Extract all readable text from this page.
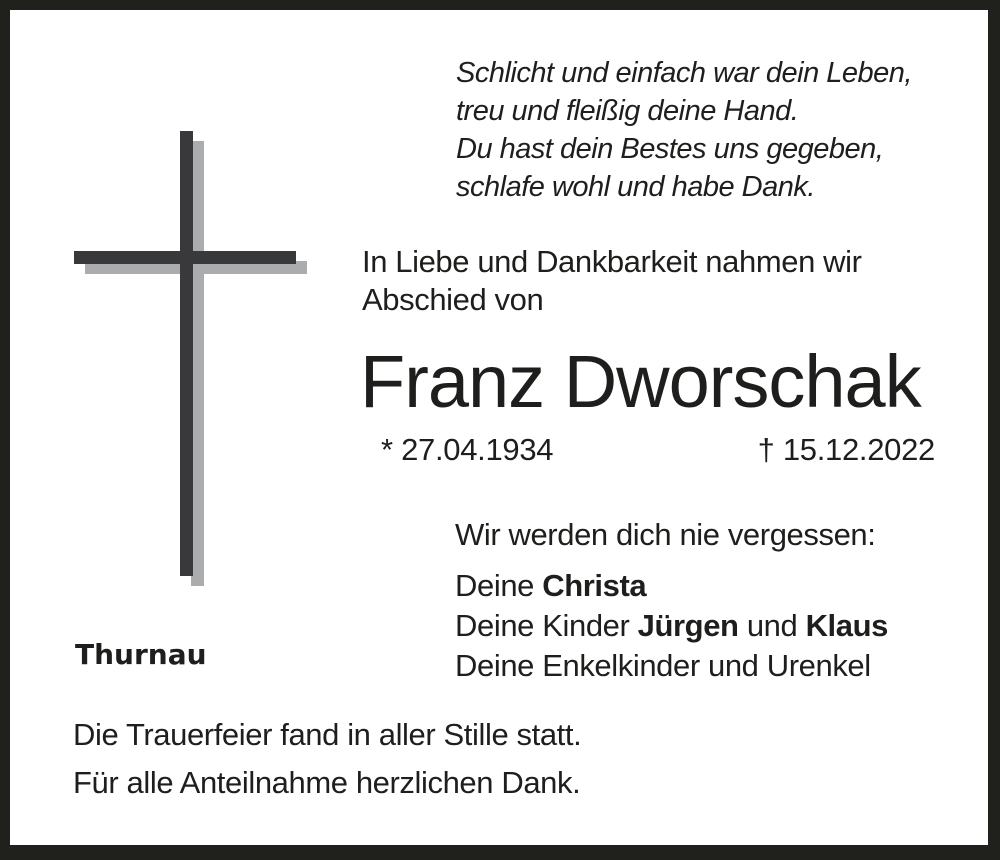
Schlicht und einfach war dein Leben,
treu und fleißig deine Hand.
Du hast dein Bestes uns gegeben,
schlafe wohl und habe Dank.
In Liebe und Dankbarkeit nahmen wir
Abschied von
Franz Dworschak
* 27.04.1934	† 15.12.2022
Wir werden dich nie vergessen:
Deine Christa
Deine Kinder Jürgen und Klaus
Deine Enkelkinder und Urenkel
Thurnau
Die Trauerfeier fand in aller Stille statt.
Für alle Anteilnahme herzlichen Dank.
